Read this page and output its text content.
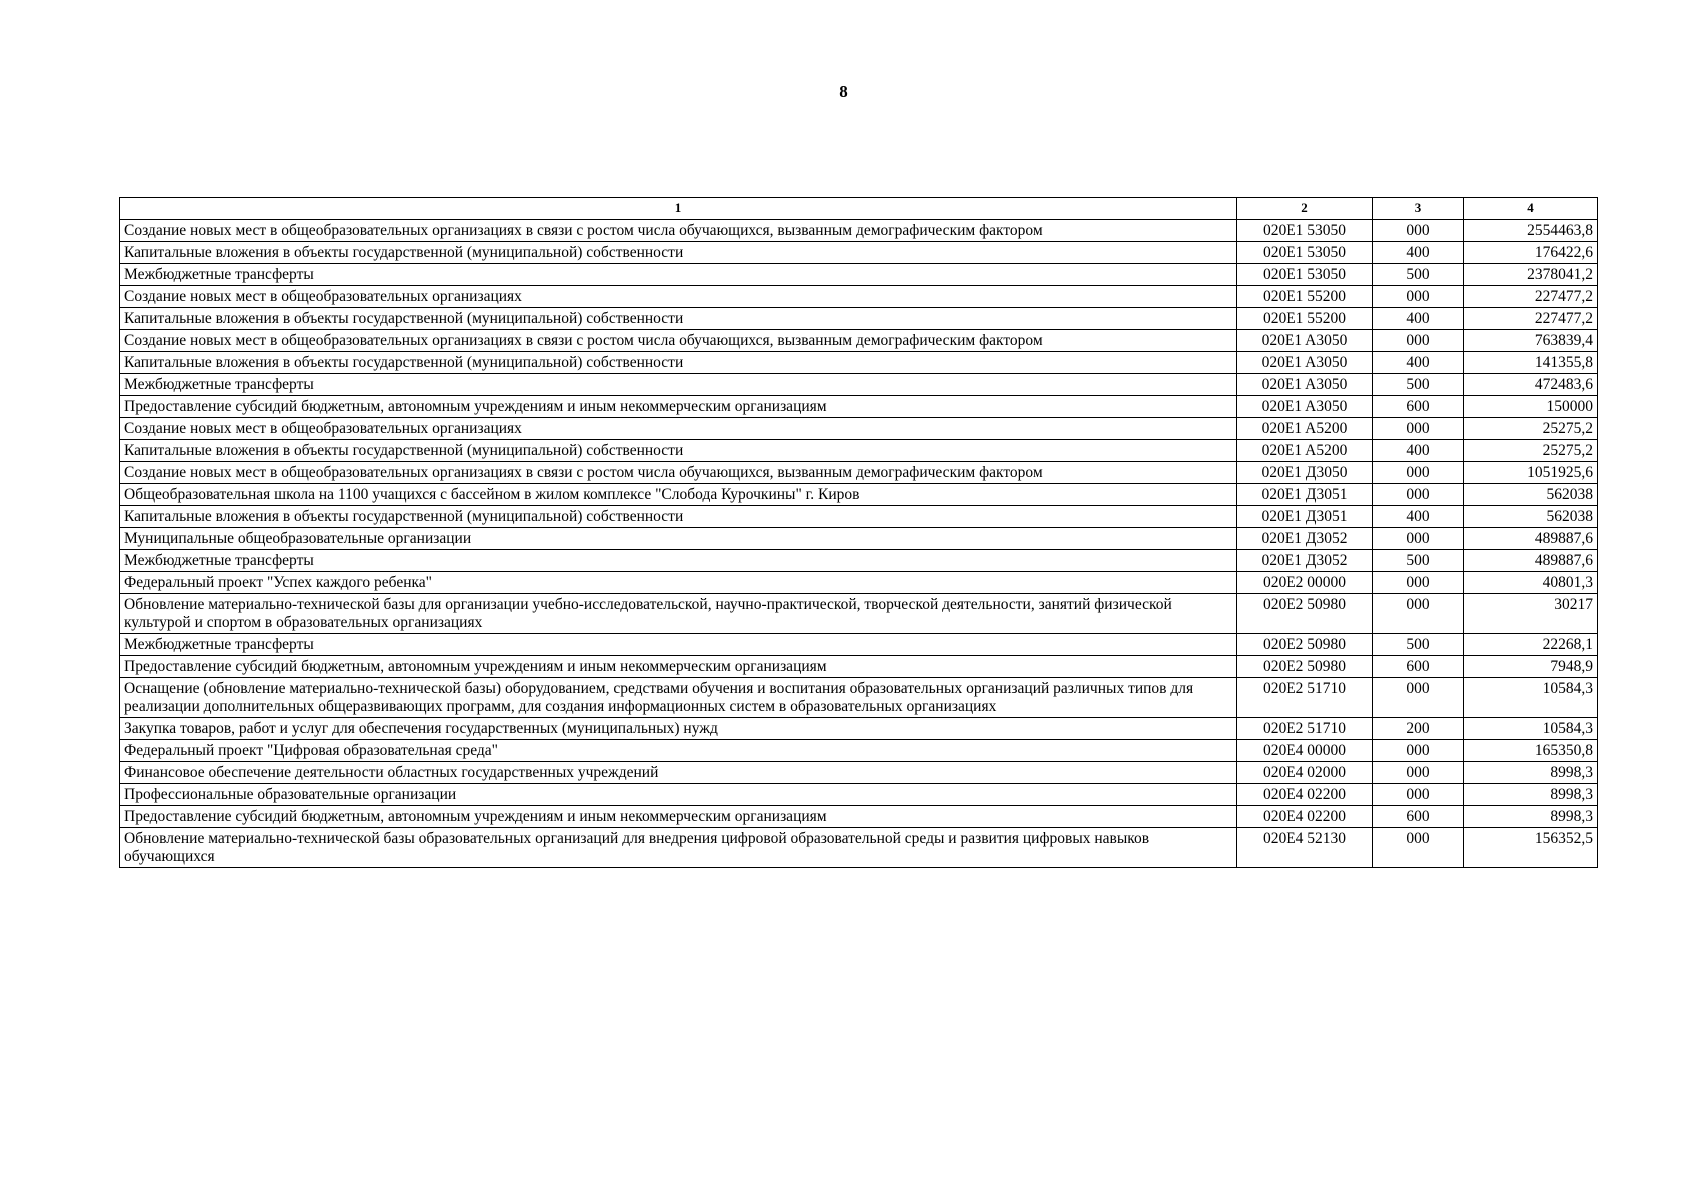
8
1	2	3	4
Создание новых мест в общеобразовательных организациях в связи с ростом числа обучающихся, вызванным демографическим фактором	020E1 53050	000	2554463,8
Капитальные вложения в объекты государственной (муниципальной) собственности	020E1 53050	400	176422,6
Межбюджетные трансферты	020E1 53050	500	2378041,2
Создание новых мест в общеобразовательных организациях	020E1 55200	000	227477,2
Капитальные вложения в объекты государственной (муниципальной) собственности	020E1 55200	400	227477,2
Создание новых мест в общеобразовательных организациях в связи с ростом числа обучающихся, вызванным демографическим фактором	020E1 A3050	000	763839,4
Капитальные вложения в объекты государственной (муниципальной) собственности	020E1 A3050	400	141355,8
Межбюджетные трансферты	020E1 A3050	500	472483,6
Предоставление субсидий бюджетным, автономным учреждениям и иным некоммерческим организациям	020E1 A3050	600	150000
Создание новых мест в общеобразовательных организациях	020E1 A5200	000	25275,2
Капитальные вложения в объекты государственной (муниципальной) собственности	020E1 A5200	400	25275,2
Создание новых мест в общеобразовательных организациях в связи с ростом числа обучающихся, вызванным демографическим фактором	020E1 Д3050	000	1051925,6
Общеобразовательная школа на 1100 учащихся с бассейном в жилом комплексе "Слобода Курочкины" г. Киров	020E1 Д3051	000	562038
Капитальные вложения в объекты государственной (муниципальной) собственности	020E1 Д3051	400	562038
Муниципальные общеобразовательные организации	020E1 Д3052	000	489887,6
Межбюджетные трансферты	020E1 Д3052	500	489887,6
Федеральный проект "Успех каждого ребенка"	020E2 00000	000	40801,3
Обновление материально-технической базы для организации учебно-исследовательской, научно-практической, творческой деятельности, занятий физической культурой и спортом в образовательных организациях	020E2 50980	000	30217
Межбюджетные трансферты	020E2 50980	500	22268,1
Предоставление субсидий бюджетным, автономным учреждениям и иным некоммерческим организациям	020E2 50980	600	7948,9
Оснащение (обновление материально-технической базы) оборудованием, средствами обучения и воспитания образовательных организаций различных типов для реализации дополнительных общеразвивающих программ, для создания информационных систем в образовательных организациях	020E2 51710	000	10584,3
Закупка товаров, работ и услуг для обеспечения государственных (муниципальных) нужд	020E2 51710	200	10584,3
Федеральный проект "Цифровая образовательная среда"	020E4 00000	000	165350,8
Финансовое обеспечение деятельности областных государственных учреждений	020E4 02000	000	8998,3
Профессиональные образовательные организации	020E4 02200	000	8998,3
Предоставление субсидий бюджетным, автономным учреждениям и иным некоммерческим организациям	020E4 02200	600	8998,3
Обновление материально-технической базы образовательных организаций для внедрения цифровой образовательной среды и развития цифровых навыков обучающихся	020E4 52130	000	156352,5
